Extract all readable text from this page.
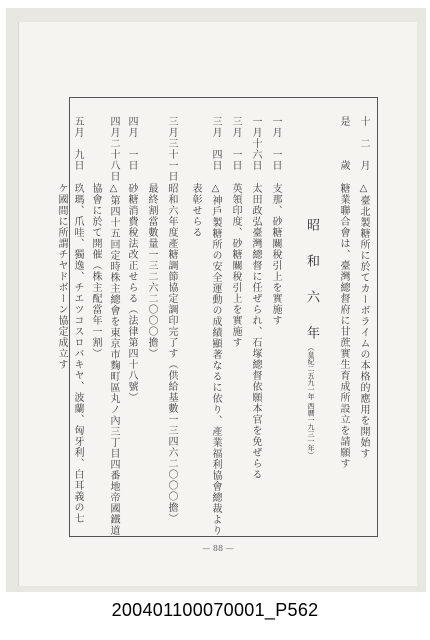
十　二　月
△臺北製糖所に於てカーボライムの本格的應用を開始す
是　　　歲
糖業聯合會は、臺灣總督府に甘蔗實生育成所設立を請願す
昭　和　六　年（皇紀二五九一年 西曆一九三一年）
一月　一日
支那、砂糖關稅引上を實施す
一月十六日
太田政弘臺灣總督に任ぜられ、石塚總督依願本官を免ぜらる
三月　一日
英領印度、砂糖關稅引上を實施す
三月　四日
△神戶製糖所の安全運動の成績顯著なるに依り、產業福利協會總裁より
表彰せらる
三月三十一日
昭和六年度產糖調節協定調印完了す（供給基數一三四六二〇〇〇擔）
最終割當數量一三二六二〇〇〇擔）
四月　一日
砂糖消費稅法改正せらる（法律第四十八號）
四月二十八日
△第四十五回定時株主總會を東京市麴町區丸ノ內三丁目四番地帝國鐵道
協會に於て開催（株主配當年一割）
五月　九日
玖瑪、爪哇、獨逸、チエツコスロバキヤ、波蘭、匈牙利、白耳義の七
ケ國間に所謂チヤドボーン協定成立す
— 88 —
200401100070001_P562
